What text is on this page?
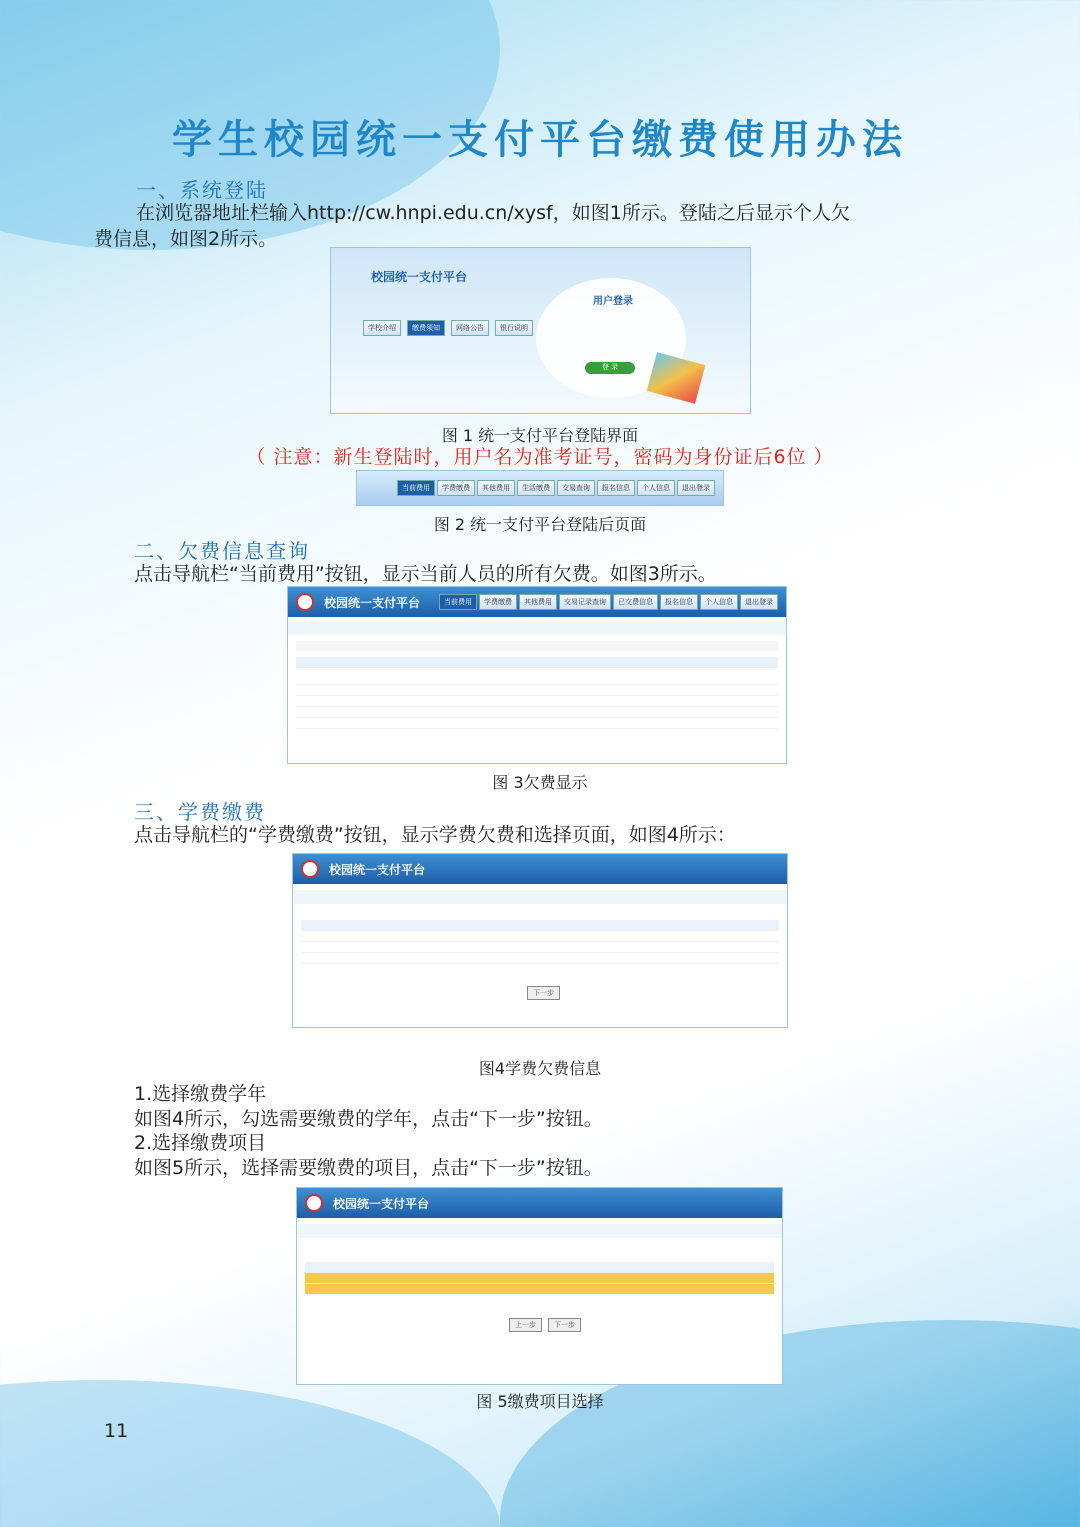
学生校园统一支付平台缴费使用办法
一、系统登陆
在浏览器地址栏输入http://cw.hnpi.edu.cn/xysf，如图1所示。登陆之后显示个人欠
费信息，如图2所示。
校园统一支付平台
学校介绍	缴费须知	网络公告	银行说明
用户登录
登 录
图 1 统一支付平台登陆界面
（ 注意：新生登陆时，用户名为准考证号，密码为身份证后6位 ）
当前费用	学费缴费	其他费用	生活缴费	交易查询	报名信息	个人信息	退出登录
图 2 统一支付平台登陆后页面
二、欠费信息查询
点击导航栏“当前费用”按钮，显示当前人员的所有欠费。如图3所示。
校园统一支付平台	当前费用	学费缴费	其他费用	交易记录查询	已交费信息	报名信息	个人信息	退出登录
图 3欠费显示
三、学费缴费
点击导航栏的“学费缴费”按钮，显示学费欠费和选择页面，如图4所示：
校园统一支付平台
下一步
图4学费欠费信息
1.选择缴费学年
如图4所示，勾选需要缴费的学年，点击“下一步”按钮。
2.选择缴费项目
如图5所示，选择需要缴费的项目，点击“下一步”按钮。
校园统一支付平台
上一步	下一步
图 5缴费项目选择
11
